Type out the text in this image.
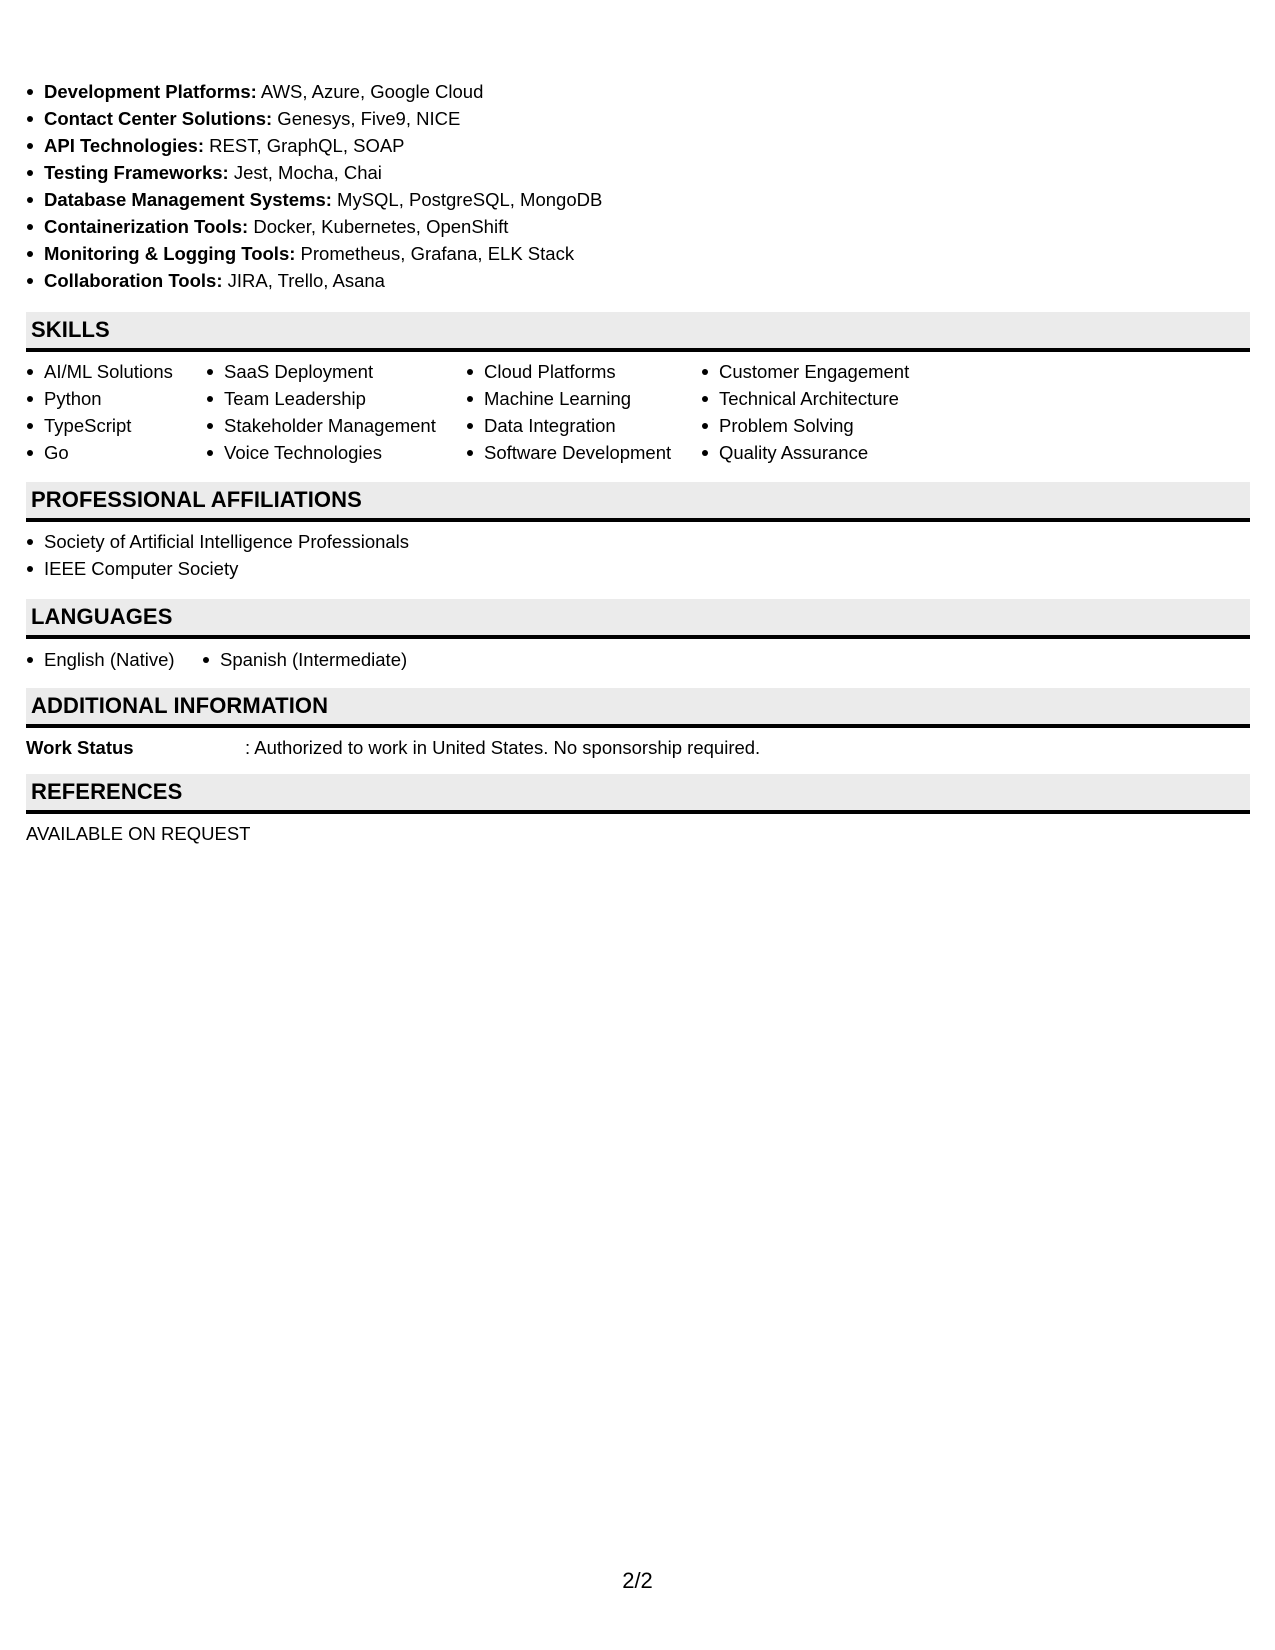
Development Platforms: AWS, Azure, Google Cloud
Contact Center Solutions: Genesys, Five9, NICE
API Technologies: REST, GraphQL, SOAP
Testing Frameworks: Jest, Mocha, Chai
Database Management Systems: MySQL, PostgreSQL, MongoDB
Containerization Tools: Docker, Kubernetes, OpenShift
Monitoring & Logging Tools: Prometheus, Grafana, ELK Stack
Collaboration Tools: JIRA, Trello, Asana
SKILLS
AI/ML Solutions
Python
TypeScript
Go
SaaS Deployment
Team Leadership
Stakeholder Management
Voice Technologies
Cloud Platforms
Machine Learning
Data Integration
Software Development
Customer Engagement
Technical Architecture
Problem Solving
Quality Assurance
PROFESSIONAL AFFILIATIONS
Society of Artificial Intelligence Professionals
IEEE Computer Society
LANGUAGES
English (Native)	Spanish (Intermediate)
ADDITIONAL INFORMATION
Work Status	: Authorized to work in United States. No sponsorship required.
REFERENCES
AVAILABLE ON REQUEST
2/2
